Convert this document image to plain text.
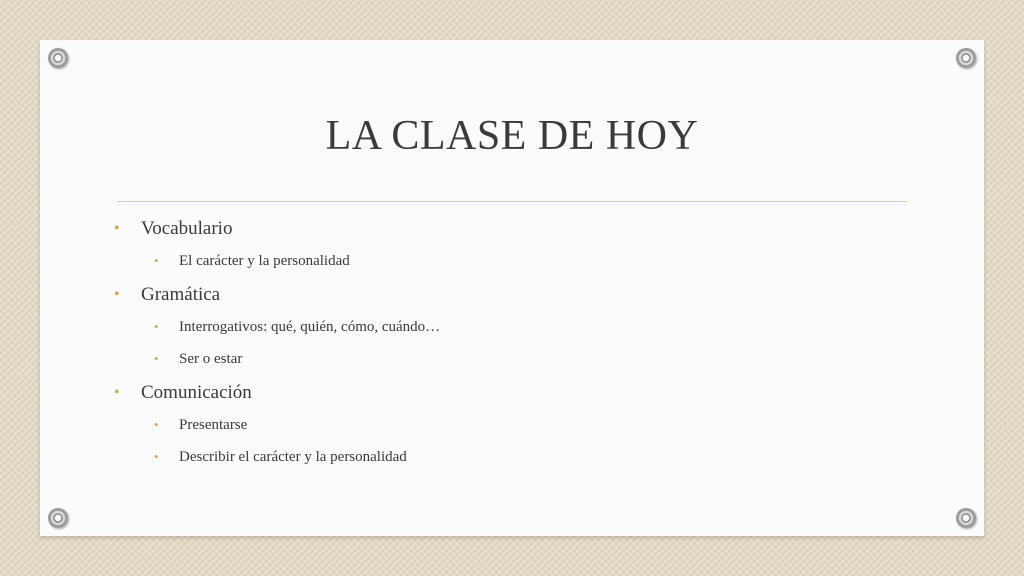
LA CLASE DE HOY
• Vocabulario
• El carácter y la personalidad
• Gramática
• Interrogativos: qué, quién, cómo, cuándo…
• Ser o estar
• Comunicación
• Presentarse
• Describir el carácter y la personalidad
